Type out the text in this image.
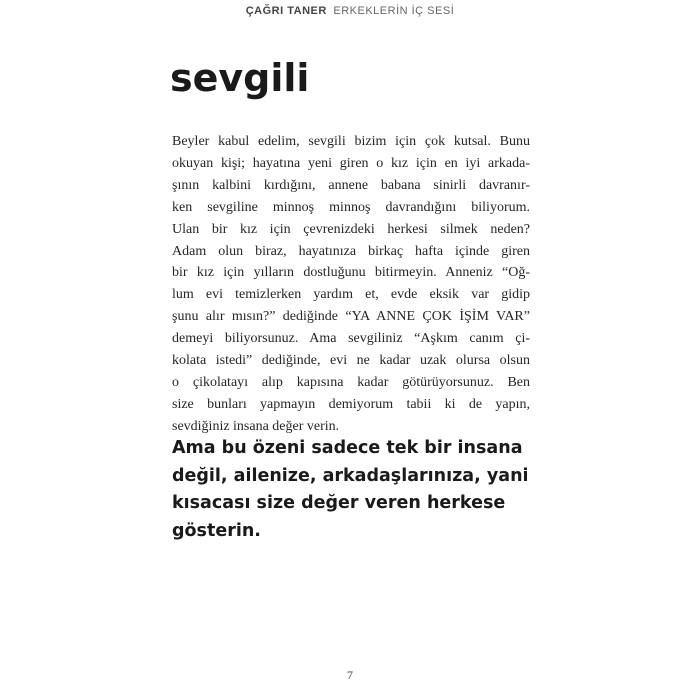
ÇAĞRI TANER ERKEKLERİN İÇ SESİ
sevgili
Beyler kabul edelim, sevgili bizim için çok kutsal. Bunu
okuyan kişi; hayatına yeni giren o kız için en iyi arkada-
şının kalbini kırdığını, annene babana sinirli davranır-
ken sevgiline minnoş minnoş davrandığını biliyorum.
Ulan bir kız için çevrenizdeki herkesi silmek neden?
Adam olun biraz, hayatınıza birkaç hafta içinde giren
bir kız için yılların dostluğunu bitirmeyin. Anneniz “Oğ-
lum evi temizlerken yardım et, evde eksik var gidip
şunu alır mısın?” dediğinde “YA ANNE ÇOK İŞİM VAR”
demeyi biliyorsunuz. Ama sevgiliniz “Aşkım canım çi-
kolata istedi” dediğinde, evi ne kadar uzak olursa olsun
o çikolatayı alıp kapısına kadar götürüyorsunuz. Ben
size bunları yapmayın demiyorum tabii ki de yapın,
sevdiğiniz insana değer verin.
Ama bu özeni sadece tek bir insana
değil, ailenize, arkadaşlarınıza, yani
kısacası size değer veren herkese
gösterin.
7
